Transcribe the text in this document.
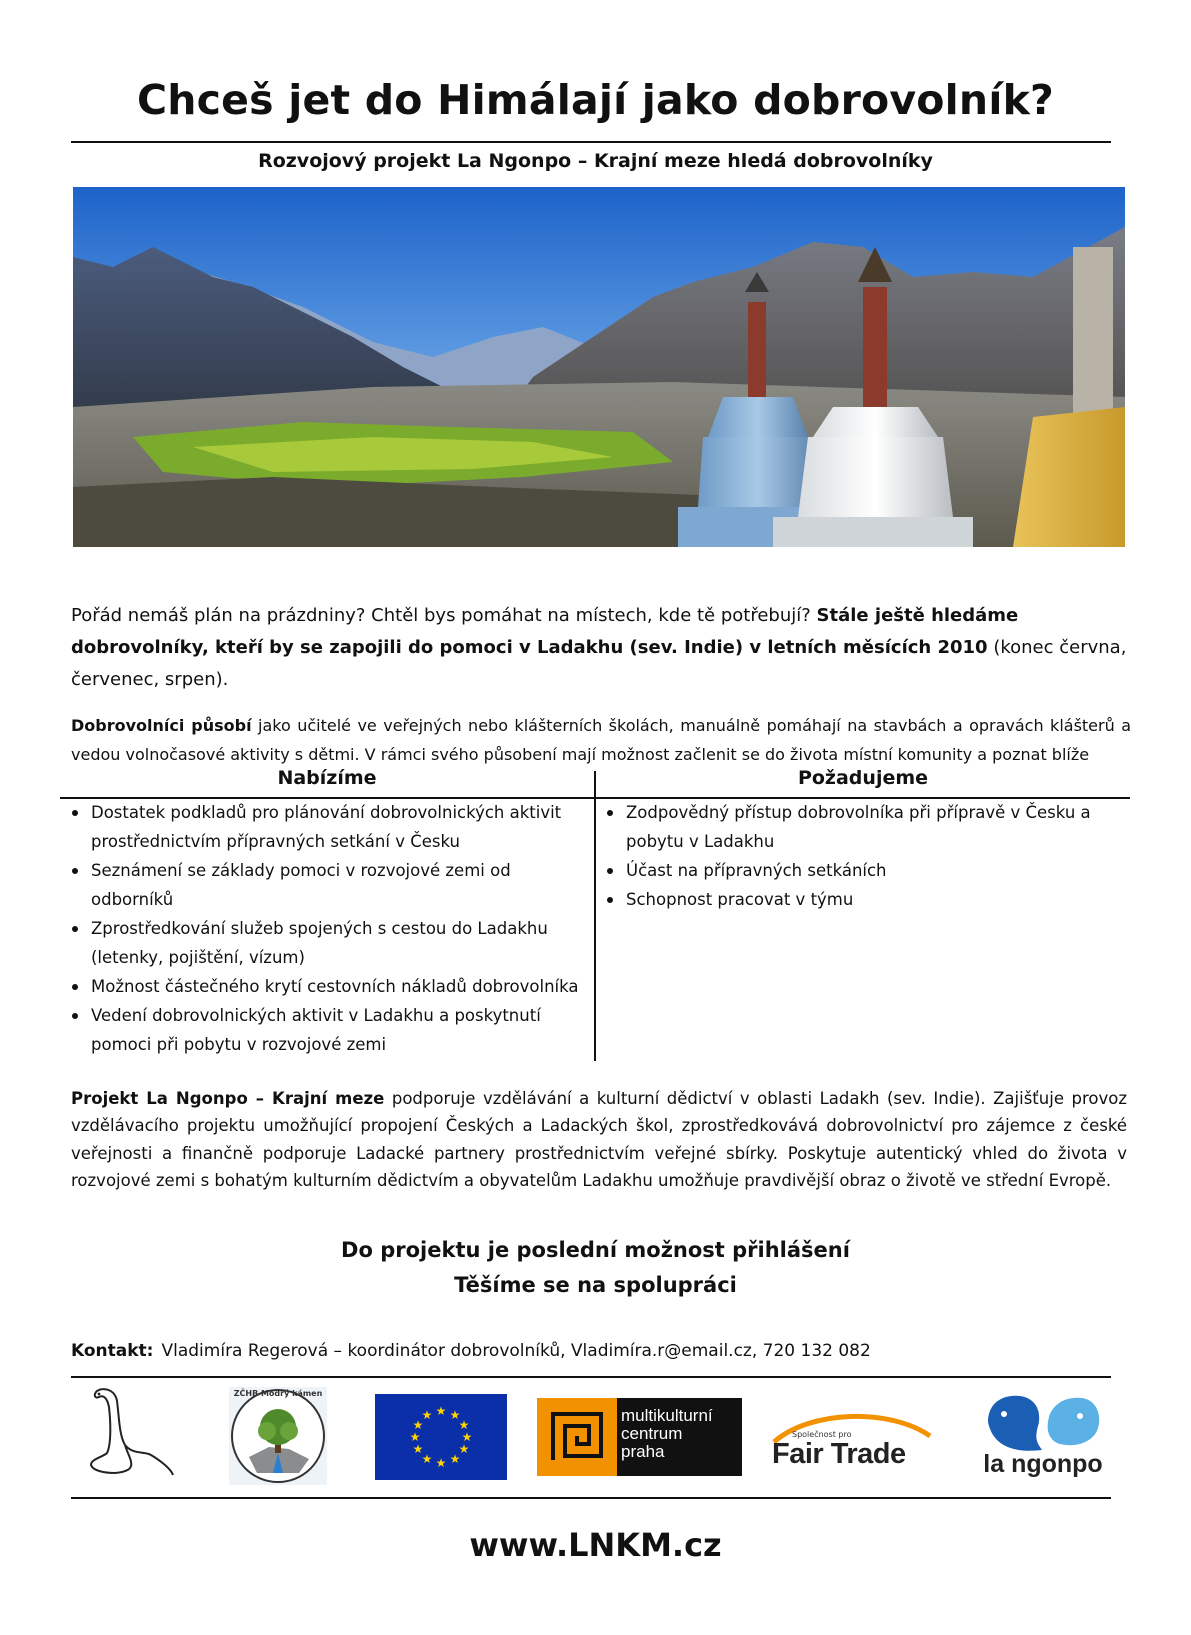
Chceš jet do Himálají jako dobrovolník?
Rozvojový projekt La Ngonpo – Krajní meze hledá dobrovolníky
Pořád nemáš plán na prázdniny? Chtěl bys pomáhat na místech, kde tě potřebují? Stále ještě hledáme dobrovolníky, kteří by se zapojili do pomoci v Ladakhu (sev. Indie) v letních měsících 2010 (konec června, červenec, srpen).
Dobrovolníci působí jako učitelé ve veřejných nebo klášterních školách, manuálně pomáhají na stavbách a opravách klášterů a vedou volnočasové aktivity s dětmi. V rámci svého působení mají možnost začlenit se do života místní komunity a poznat blíže
Nabízíme	Požadujeme
Dostatek podkladů pro plánování dobrovolnických aktivit prostřednictvím přípravných setkání v Česku
Seznámení se základy pomoci v rozvojové zemi od odborníků
Zprostředkování služeb spojených s cestou do Ladakhu (letenky, pojištění, vízum)
Možnost částečného krytí cestovních nákladů dobrovolníka
Vedení dobrovolnických aktivit v Ladakhu a poskytnutí pomoci při pobytu v rozvojové zemi
Zodpovědný přístup dobrovolníka při přípravě v Česku a pobytu v Ladakhu
Účast na přípravných setkáních
Schopnost pracovat v týmu
Projekt La Ngonpo – Krajní meze podporuje vzdělávání a kulturní dědictví v oblasti Ladakh (sev. Indie). Zajišťuje provoz vzdělávacího projektu umožňující propojení Českých a Ladackých škol, zprostředkovává dobrovolnictví pro zájemce z české veřejnosti a finančně podporuje Ladacké partnery prostřednictvím veřejné sbírky. Poskytuje autentický vhled do života v rozvojové zemi s bohatým kulturním dědictvím a obyvatelům Ladakhu umožňuje pravdivější obraz o životě ve střední Evropě.
Do projektu je poslední možnost přihlášení
Těšíme se na spolupráci
Kontakt: Vladimíra Regerová – koordinátor dobrovolníků, Vladimíra.r@email.cz, 720 132 082
ZČHB Modrý kámen
★ ★
★
★
★
★
★
★
★
★
★
★	multikulturní
centrum
praha
Společnost pro
Fair Trade	la ngonpo
www.LNKM.cz
